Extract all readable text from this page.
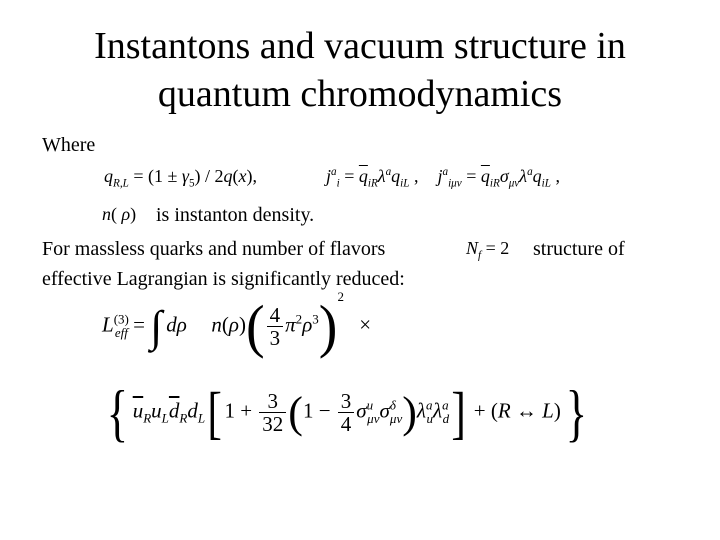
Instantons and vacuum structure in
quantum chromodynamics
Where
$q_{R,L} = (1 \pm \gamma_5) / 2q(x)$,	$j^a_i = \overline{q}_{iR}\lambda^aq_{iL}$ ,  $j^a_{i\mu\nu} = \overline{q}_{iR}\sigma_{\mu\nu}\lambda^aq_{iL}$ ,
n( ρ) is instanton density.
For massless quarks and number of flavors	$N_f = 2$ structure of
effective Lagrangian is significantly reduced:
$L^{(3)}_{eff}$ = ∫ dρ $n(\rho)( \frac{4}{3} \pi^2\rho^3)^2$ ×
{ $\overline{u}_Ru_L\overline{d}_Rd_L$[ $1 + \frac{3}{32} (1 - \frac{3}{4} \sigma^u_{\mu\nu}\sigma^\delta_{\mu\nu})\lambda^a_u\lambda^a_d] + (R$ ↔ L)}
